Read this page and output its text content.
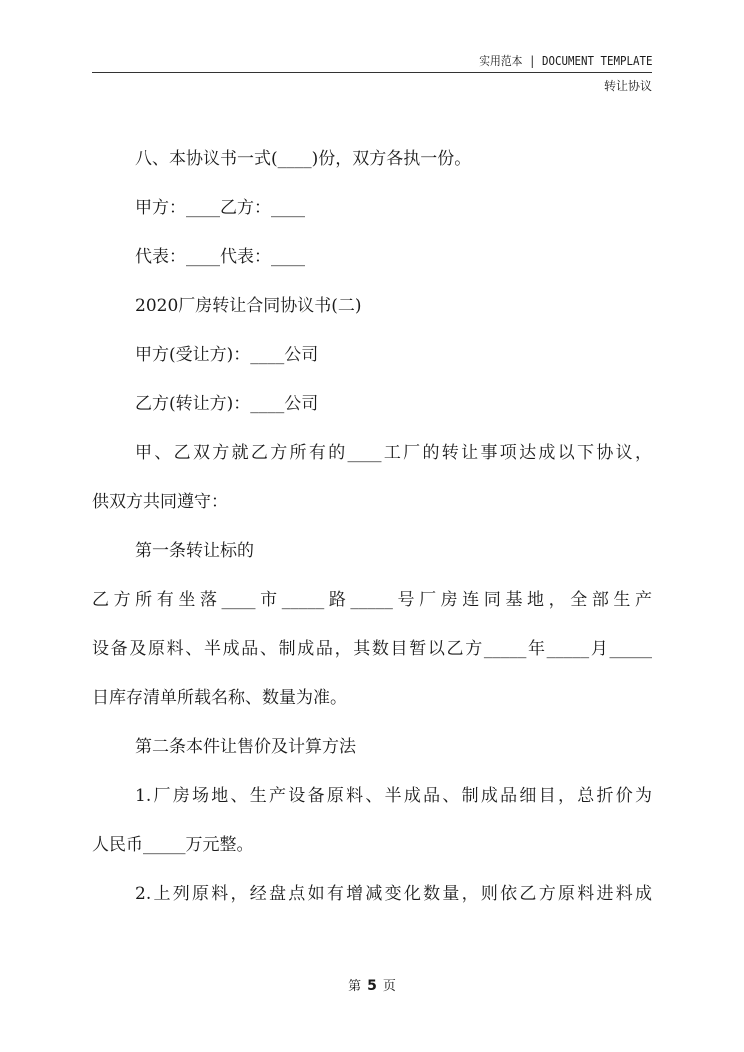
实用范本 | DOCUMENT TEMPLATE
转让协议

八、本协议书一式(____)份，双方各执一份。

甲方：____乙方：____

代表：____代表：____

2020厂房转让合同协议书(二)

甲方(受让方)：____公司

乙方(转让方)：____公司

甲、乙双方就乙方所有的____工厂的转让事项达成以下协议，

供双方共同遵守：

第一条转让标的

乙方所有坐落____市_____路_____号厂房连同基地，全部生产

设备及原料、半成品、制成品，其数目暂以乙方_____年_____月_____

日库存清单所载名称、数量为准。

第二条本件让售价及计算方法

1.厂房场地、生产设备原料、半成品、制成品细目，总折价为

人民币_____万元整。

2.上列原料，经盘点如有增减变化数量，则依乙方原料进料成

第 5 页
